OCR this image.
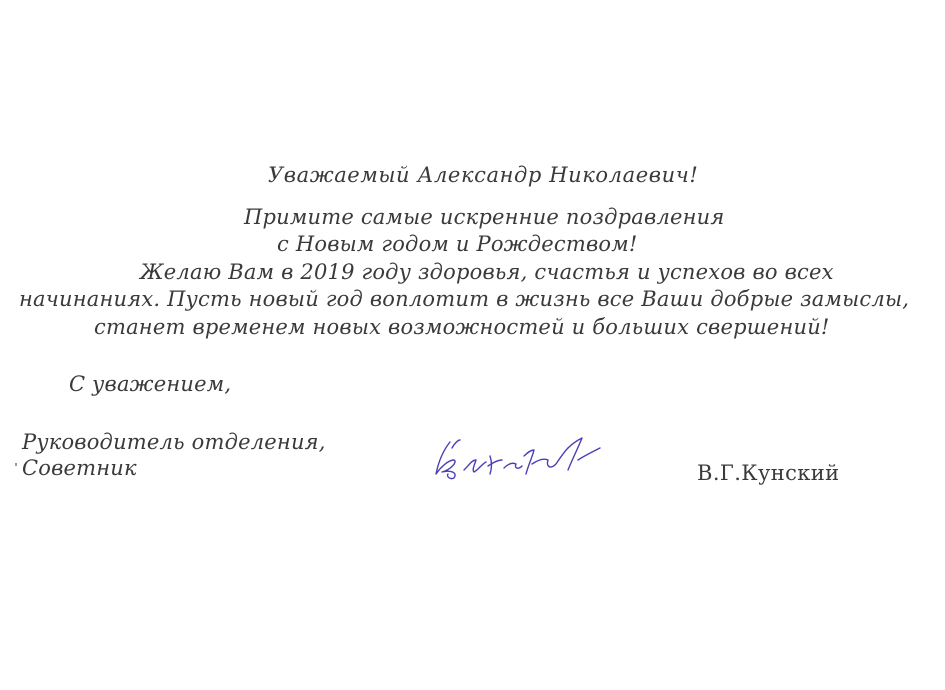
Уважаемый Александр Николаевич!
Примите самые искренние поздравления
с Новым годом и Рождеством!
Желаю Вам в 2019 году здоровья, счастья и успехов во всех
начинаниях. Пусть новый год воплотит в жизнь все Ваши добрые замыслы,
станет временем новых возможностей и больших свершений!
С уважением,
Руководитель отделения,
Советник	В.Г.Кунский
